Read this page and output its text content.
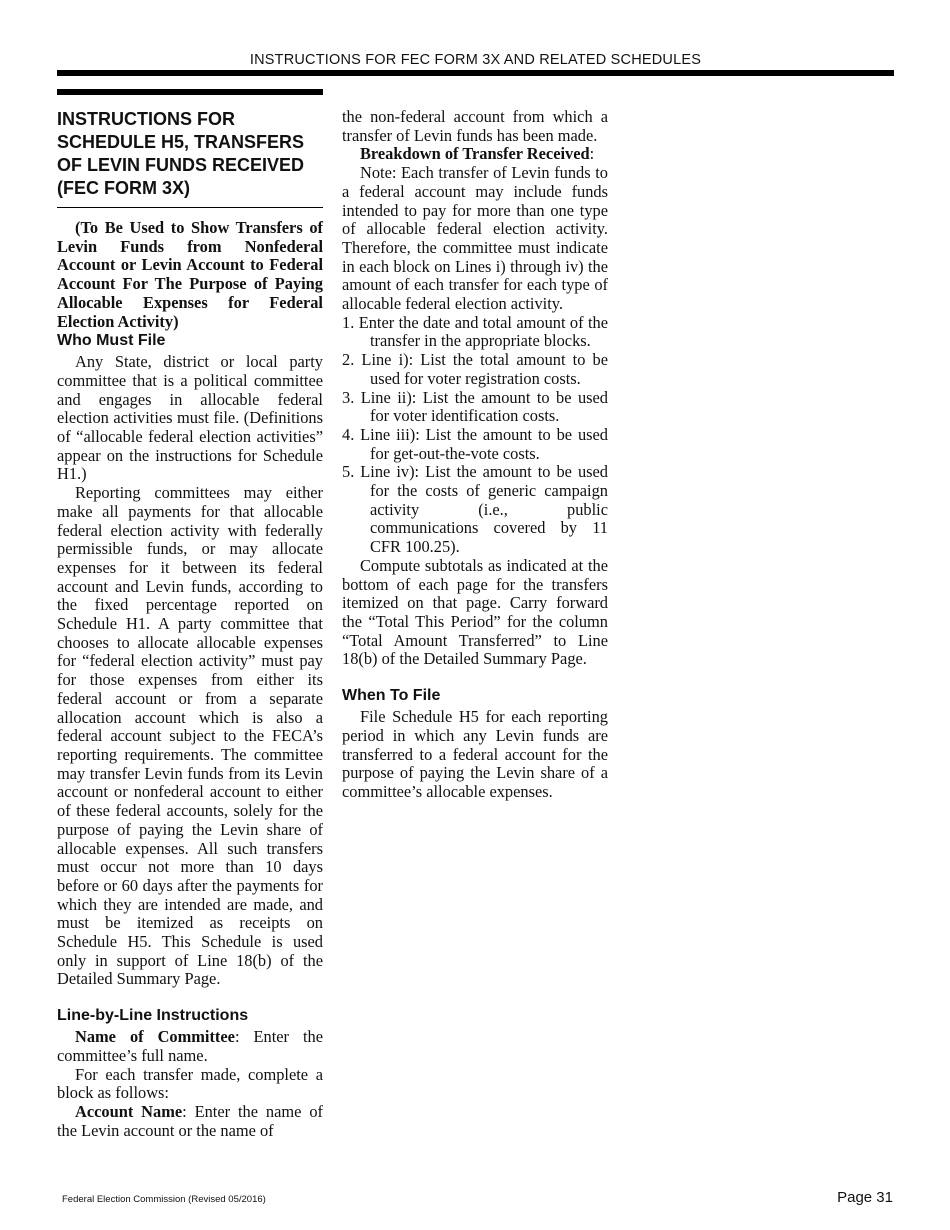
INSTRUCTIONS FOR FEC FORM 3X AND RELATED SCHEDULES
INSTRUCTIONS FOR SCHEDULE H5, TRANSFERS OF LEVIN FUNDS RECEIVED (FEC FORM 3X)

(To Be Used to Show Transfers of Levin Funds from Nonfederal Account or Levin Account to Federal Account For The Purpose of Paying Allocable Expenses for Federal Election Activity)

Who Must File

Any State, district or local party committee that is a political committee and engages in allocable federal election activities must file. (Definitions of “allocable federal election activities” appear on the instructions for Schedule H1.)

Reporting committees may either make all payments for that allocable federal election activity with federally permissible funds, or may allocate expenses for it between its federal account and Levin funds, according to the fixed percentage reported on Schedule H1. A party committee that chooses to allocate allocable expenses for “federal election activity” must pay for those expenses from either its federal account or from a separate allocation account which is also a federal account subject to the FECA’s reporting requirements. The committee may transfer Levin funds from its Levin account or nonfederal account to either of these federal accounts, solely for the purpose of paying the Levin share of allocable expenses. All such transfers must occur not more than 10 days before or 60 days after the payments for which they are intended are made, and must be itemized as receipts on Schedule H5. This Schedule is used only in support of Line 18(b) of the Detailed Summary Page.

Line-by-Line Instructions

Name of Committee: Enter the committee’s full name.

For each transfer made, complete a block as follows:

Account Name: Enter the name of the Levin account or the name of

the non-federal account from which a transfer of Levin funds has been made.

Breakdown of Transfer Received:

Note: Each transfer of Levin funds to a federal account may include funds intended to pay for more than one type of allocable federal election activity. Therefore, the committee must indicate in each block on Lines i) through iv) the amount of each transfer for each type of allocable federal election activity.

1. Enter the date and total amount of the transfer in the appropriate blocks.

2. Line i): List the total amount to be used for voter registration costs.

3. Line ii): List the amount to be used for voter identification costs.

4. Line iii): List the amount to be used for get-out-the-vote costs.

5. Line iv): List the amount to be used for the costs of generic campaign activity (i.e., public communications covered by 11 CFR 100.25).

Compute subtotals as indicated at the bottom of each page for the transfers itemized on that page. Carry forward the “Total This Period” for the column “Total Amount Transferred” to Line 18(b) of the Detailed Summary Page.

When To File

File Schedule H5 for each reporting period in which any Levin funds are transferred to a federal account for the purpose of paying the Levin share of a committee’s allocable expenses.

Federal Election Commission (Revised 05/2016)	Page 31
